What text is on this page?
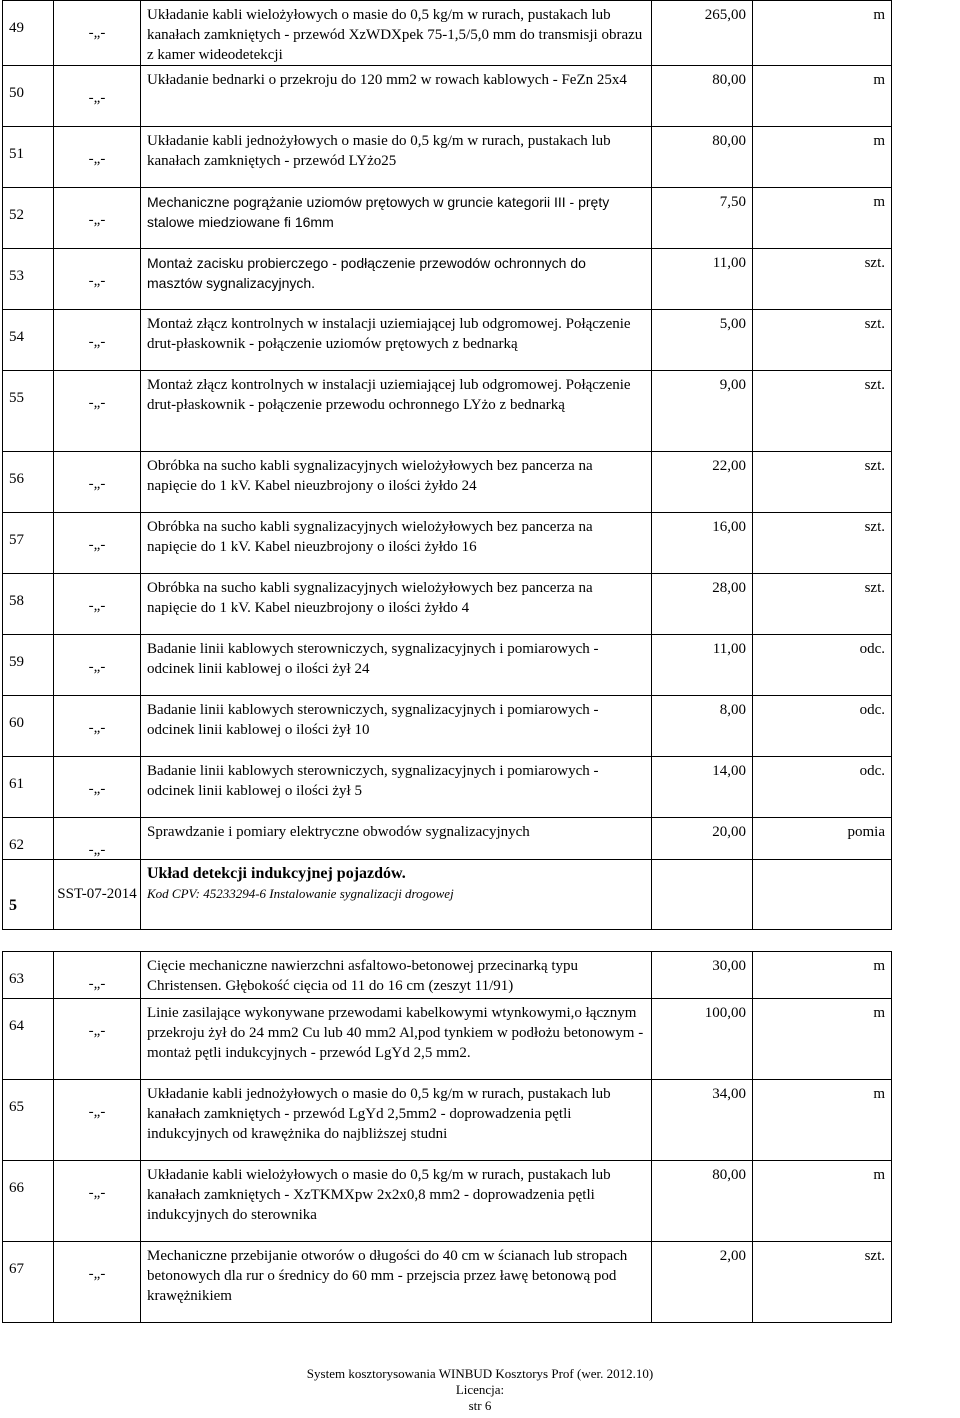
49	-„-	Układanie kabli wielożyłowych o masie do 0,5 kg/m w rurach, pustakach lub kanałach zamkniętych - przewód XzWDXpek 75-1,5/5,0 mm do transmisji obrazu z kamer wideodetekcji	265,00	m
50	-„-	Układanie bednarki o przekroju do 120 mm2 w rowach kablowych - FeZn 25x4	80,00	m
51	-„-	Układanie kabli jednożyłowych o masie do 0,5 kg/m w rurach, pustakach lub kanałach zamkniętych - przewód LYżo25	80,00	m
52	-„-	Mechaniczne pogrążanie uziomów prętowych w gruncie kategorii III - pręty stalowe miedziowane fi 16mm	7,50	m
53	-„-	Montaż zacisku probierczego - podłączenie przewodów ochronnych do masztów sygnalizacyjnych.	11,00	szt.
54	-„-	Montaż złącz kontrolnych w instalacji uziemiającej lub odgromowej. Połączenie drut-płaskownik - połączenie uziomów prętowych z bednarką	5,00	szt.
55	-„-	Montaż złącz kontrolnych w instalacji uziemiającej lub odgromowej. Połączenie drut-płaskownik - połączenie przewodu ochronnego LYżo z bednarką	9,00	szt.
56	-„-	Obróbka na sucho kabli sygnalizacyjnych wielożyłowych bez pancerza na napięcie do 1 kV. Kabel nieuzbrojony o ilości żyłdo 24	22,00	szt.
57	-„-	Obróbka na sucho kabli sygnalizacyjnych wielożyłowych bez pancerza na napięcie do 1 kV. Kabel nieuzbrojony o ilości żyłdo 16	16,00	szt.
58	-„-	Obróbka na sucho kabli sygnalizacyjnych wielożyłowych bez pancerza na napięcie do 1 kV. Kabel nieuzbrojony o ilości żyłdo 4	28,00	szt.
59	-„-	Badanie linii kablowych sterowniczych, sygnalizacyjnych i pomiarowych - odcinek linii kablowej o ilości żył 24	11,00	odc.
60	-„-	Badanie linii kablowych sterowniczych, sygnalizacyjnych i pomiarowych - odcinek linii kablowej o ilości żył 10	8,00	odc.
61	-„-	Badanie linii kablowych sterowniczych, sygnalizacyjnych i pomiarowych - odcinek linii kablowej o ilości żył 5	14,00	odc.
62	-„-	Sprawdzanie i pomiary elektryczne obwodów sygnalizacyjnych	20,00	pomia

5	SST-07-2014	Układ detekcji indukcyjnej pojazdów.
Kod CPV: 45233294-6 Instalowanie sygnalizacji drogowej		

63	-„-	Cięcie mechaniczne nawierzchni asfaltowo-betonowej przecinarką typu Christensen. Głębokość cięcia od 11 do 16 cm (zeszyt 11/91)	30,00	m
64	-„-	Linie zasilające wykonywane przewodami kabelkowymi wtynkowymi,o łącznym przekroju żył do 24 mm2 Cu lub 40 mm2 Al,pod tynkiem w podłożu betonowym - montaż pętli indukcyjnych - przewód LgYd 2,5 mm2.	100,00	m
65	-„-	Układanie kabli jednożyłowych o masie do 0,5 kg/m w rurach, pustakach lub kanałach zamkniętych - przewód LgYd 2,5mm2 - doprowadzenia pętli indukcyjnych od krawężnika do najbliższej studni	34,00	m
66	-„-	Układanie kabli wielożyłowych o masie do 0,5 kg/m w rurach, pustakach lub kanałach zamkniętych - XzTKMXpw 2x2x0,8 mm2 - doprowadzenia pętli indukcyjnych do sterownika	80,00	m
67	-„-	Mechaniczne przebijanie otworów o długości do 40 cm w ścianach lub stropach betonowych dla rur o średnicy do 60 mm - przejscia przez ławę betonową pod krawężnikiem	2,00	szt.
System kosztorysowania WINBUD Kosztorys Prof (wer. 2012.10)
Licencja:
str 6
